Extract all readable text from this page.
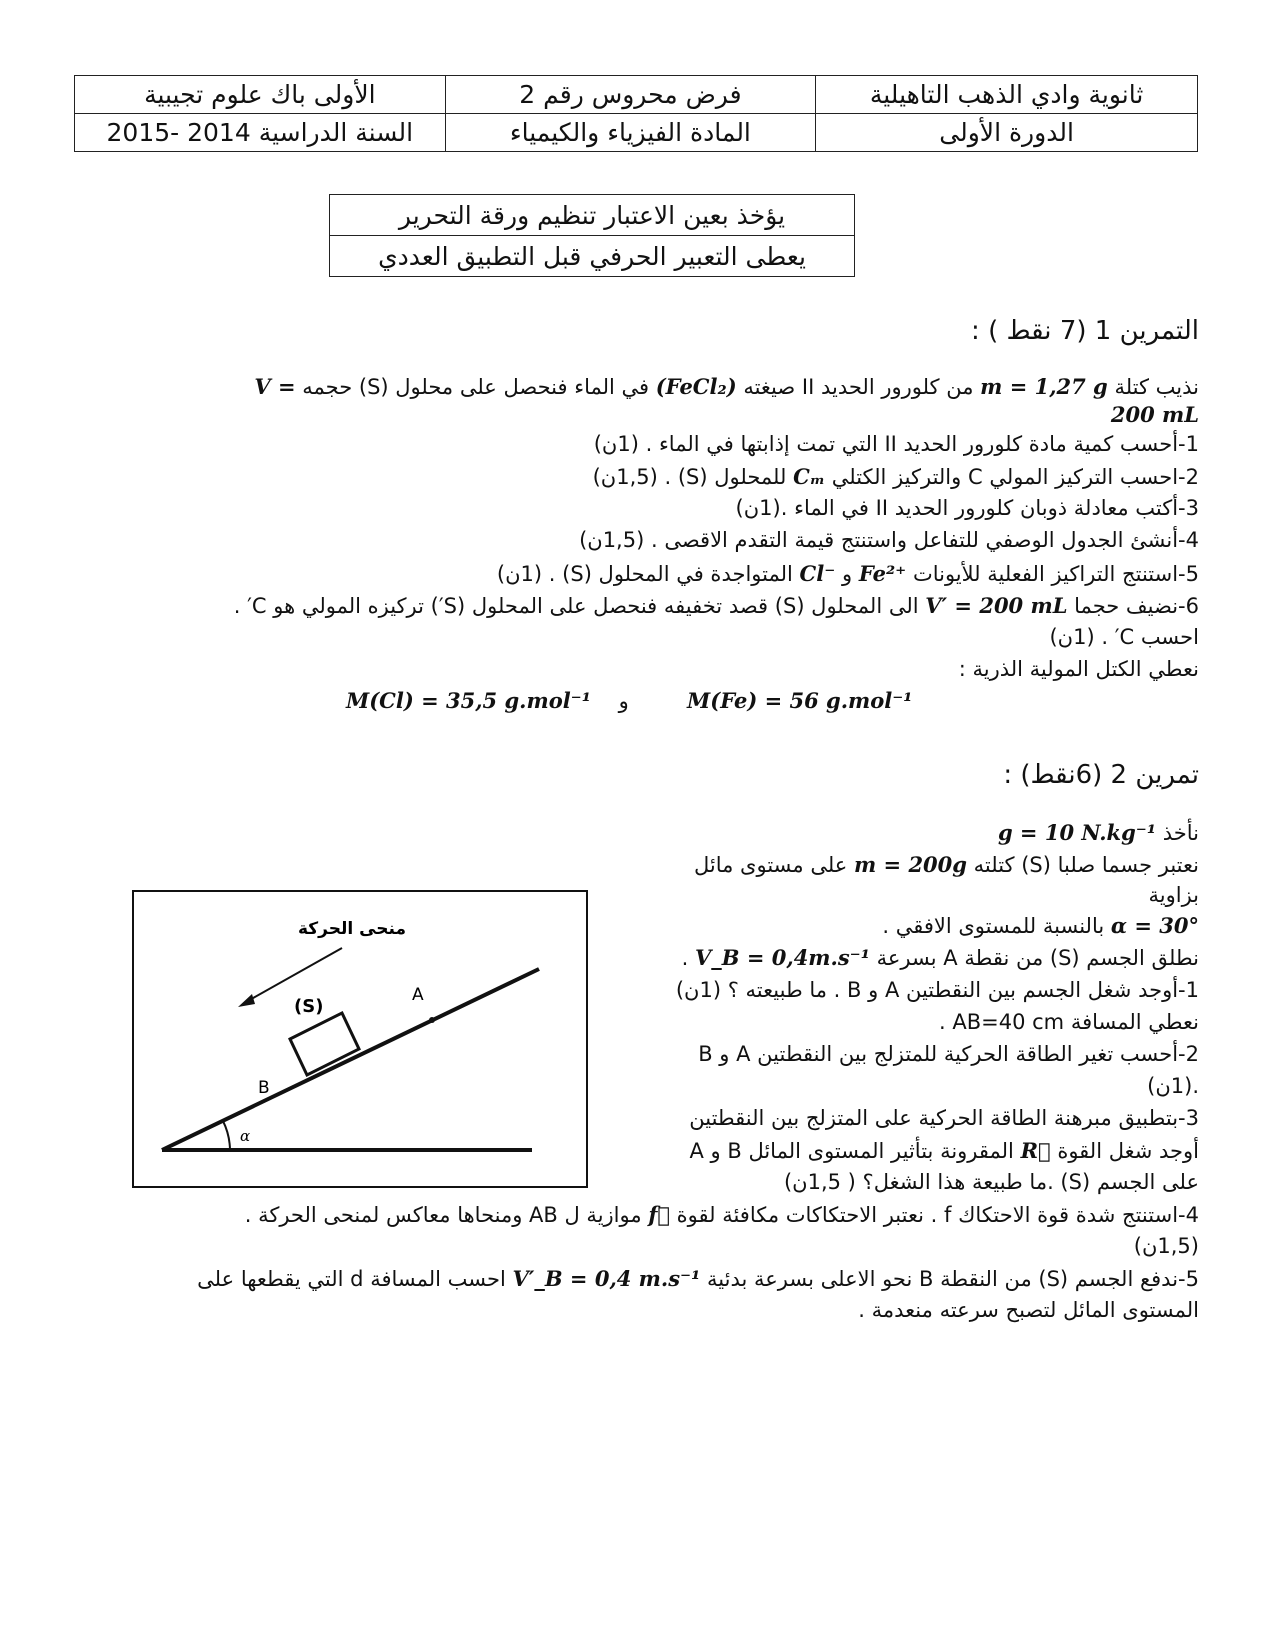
ثانوية وادي الذهب التاهيلية	فرض محروس رقم 2	الأولى باك علوم تجيبية
الدورة الأولى	المادة الفيزياء والكيمياء	السنة الدراسية 2014 -2015
يؤخذ بعين الاعتبار تنظيم ورقة التحرير
يعطى التعبير الحرفي قبل التطبيق العددي
التمرين 1 (7 نقط ) :
نذيب كتلة m = 1,27 g من كلورور الحديد II صيغته (FeCl₂) في الماء فنحصل على محلول (S) حجمه V =
200 mL
1-أحسب كمية مادة كلورور الحديد II التي تمت إذابتها في الماء . (1ن)
2-احسب التركيز المولي C والتركيز الكتلي Cₘ للمحلول (S) . (1,5ن)
3-أكتب معادلة ذوبان كلورور الحديد II في الماء .(1ن)
4-أنشئ الجدول الوصفي للتفاعل واستنتج قيمة التقدم الاقصى . (1,5ن)
5-استنتج التراكيز الفعلية للأيونات Fe²⁺ و Cl⁻ المتواجدة في المحلول (S) . (1ن)
6-نضيف حجما V′ = 200 mL الى المحلول (S) قصد تخفيفه فنحصل على المحلول (S′) تركيزه المولي هو C′ .
احسب C′ . (1ن)
نعطي الكتل المولية الذرية :
M(Cl) = 35,5 g.mol⁻¹ و	M(Fe) = 56 g.mol⁻¹
تمرين 2 (6نقط) :
نأخذ g = 10 N.kg⁻¹
نعتبر جسما صلبا (S) كتلته m = 200g على مستوى مائل
بزاوية
α = 30° بالنسبة للمستوى الافقي .
نطلق الجسم (S) من نقطة A بسرعة V_B = 0,4m.s⁻¹ .
1-أوجد شغل الجسم بين النقطتين A و B . ما طبيعته ؟ (1ن)
نعطي المسافة AB=40 cm .
2-أحسب تغير الطاقة الحركية للمتزلج بين النقطتين A و B
.(1ن)
3-بتطبيق مبرهنة الطاقة الحركية على المتزلج بين النقطتين
A و B أوجد شغل القوة R⃗ المقرونة بتأثير المستوى المائل
على الجسم (S) .ما طبيعة هذا الشغل؟ ( 1,5ن)
4-استنتج شدة قوة الاحتكاك f . نعتبر الاحتكاكات مكافئة لقوة f⃗ موازية ل AB ومنحاها معاكس لمنحى الحركة .
(1,5ن)
5-ندفع الجسم (S) من النقطة B نحو الاعلى بسرعة بدئية V′_B = 0,4 m.s⁻¹ احسب المسافة d التي يقطعها على
المستوى المائل لتصبح سرعته منعدمة .
α
(S)
A
B
منحى الحركة
